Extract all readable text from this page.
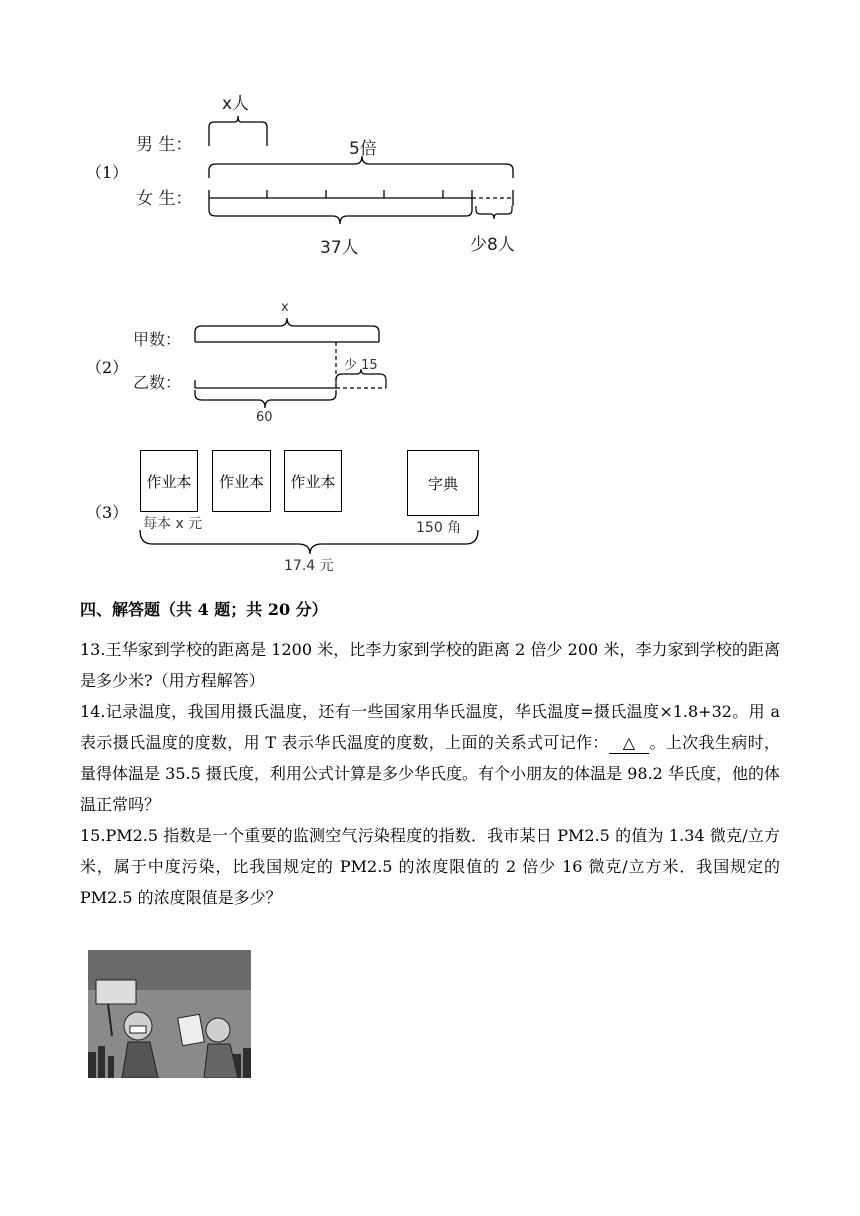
（1）
男 生：
女 生：
x人
5倍
37人	少8人
（2）
甲数：
乙数：
x
少 15
60
（3）
作业本	作业本	作业本	字典
每本 x 元	150 角
17.4 元
四、解答题（共 4 题；共 20 分）
13.王华家到学校的距离是 1200 米，比李力家到学校的距离 2 倍少 200 米，李力家到学校的距离是多少米?（用方程解答）
14.记录温度，我国用摄氏温度，还有一些国家用华氏温度，华氏温度=摄氏温度×1.8+32。用 a 表示摄氏温度的度数，用 T 表示华氏温度的度数，上面的关系式可记作： △ 。上次我生病时，量得体温是 35.5 摄氏度，利用公式计算是多少华氏度。有个小朋友的体温是 98.2 华氏度，他的体温正常吗？
15.PM2.5 指数是一个重要的监测空气污染程度的指数．我市某日 PM2.5 的值为 1.34 微克/立方米，属于中度污染，比我国规定的 PM2.5 的浓度限值的 2 倍少 16 微克/立方米．我国规定的 PM2.5 的浓度限值是多少？
